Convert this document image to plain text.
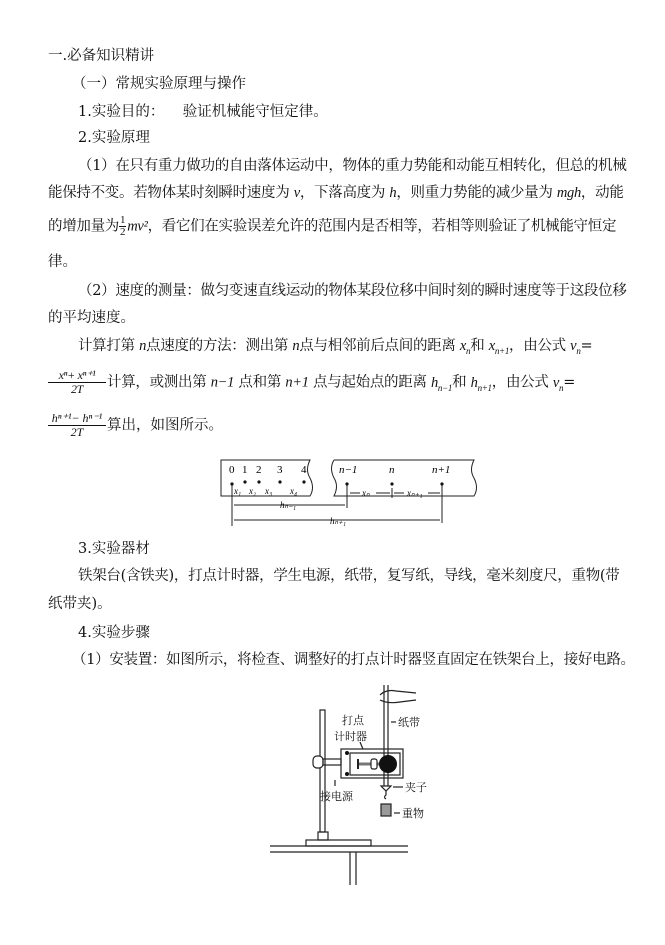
一.必备知识精讲
（一）常规实验原理与操作
1.实验目的： 验证机械能守恒定律。
2.实验原理
（1）在只有重力做功的自由落体运动中，物体的重力势能和动能互相转化，但总的机械
能保持不变。若物体某时刻瞬时速度为 v，下落高度为 h，则重力势能的减少量为 mgh，动能
的增加量为 $\frac{1}{2} mv^2$，看它们在实验误差允许的范围内是否相等，若相等则验证了机械能守恒定
律。
（2）速度的测量：做匀变速直线运动的物体某段位移中间时刻的瞬时速度等于这段位移
的平均速度。
计算打第 n点速度的方法：测出第 n点与相邻前后点间的距离 $x_n$和 $x_{n+1}$，由公式 $v_n=$
$\frac{\text{xⁿ+ xⁿ⁺¹}}{2T}$ 计算，或测出第 n−1 点和第 n+1 点与起始点的距离 $h_{n-1}$和 $h_{n+1}$，由公式 $v_n=$
$\frac{\text{hⁿ⁺¹− hⁿ⁻¹}}{2T}$ 算出，如图所示。
0 1 2 3 4	n−1	n	n+1
x₁ x₂ x₃ x₄	xₙ	xₙ₊₁
hₙ₋₁
hₙ₊₁
3.实验器材
铁架台(含铁夹)，打点计时器，学生电源，纸带，复写纸，导线，毫米刻度尺，重物(带
纸带夹)。
4.实验步骤
（1）安装置：如图所示，将检查、调整好的打点计时器竖直固定在铁架台上，接好电路。
打点
计时器
纸带
接电源
夹子
重物
